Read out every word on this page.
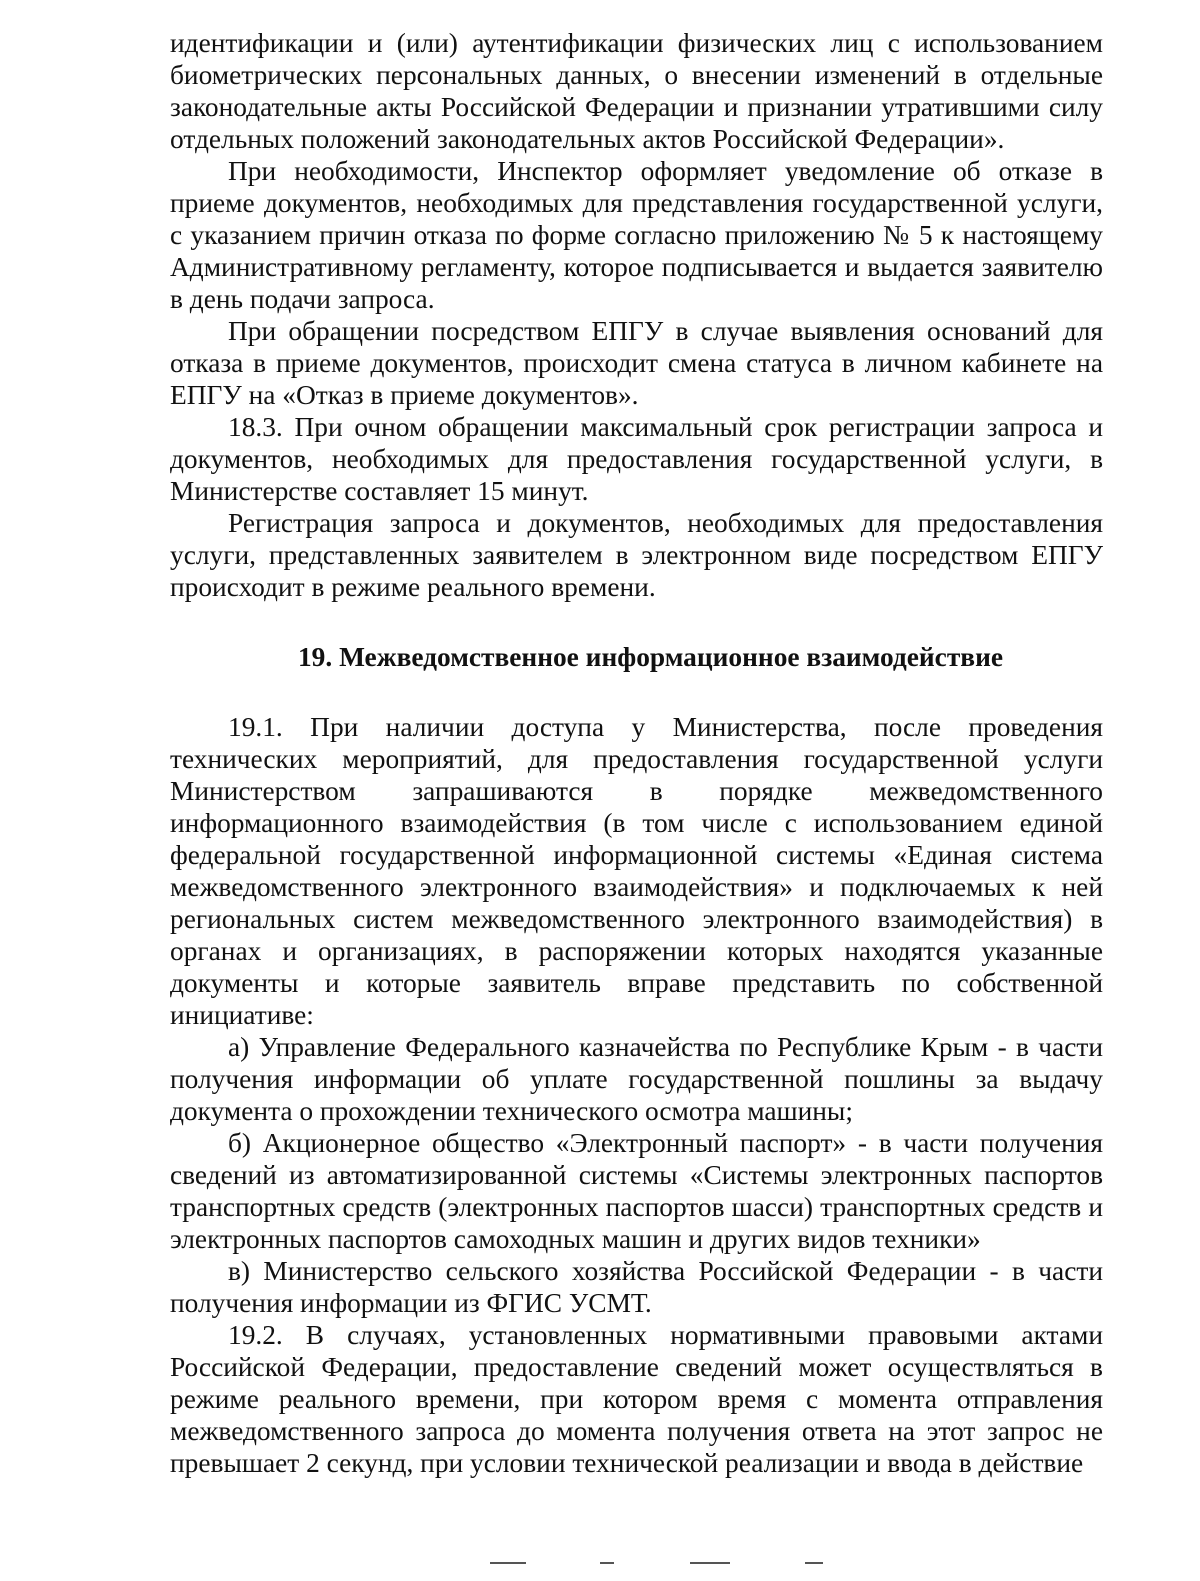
идентификации и (или) аутентификации физических лиц с использованием биометрических персональных данных, о внесении изменений в отдельные законодательные акты Российской Федерации и признании утратившими силу отдельных положений законодательных актов Российской Федерации».

При необходимости, Инспектор оформляет уведомление об отказе в приеме документов, необходимых для представления государственной услуги, с указанием причин отказа по форме согласно приложению № 5 к настоящему Административному регламенту, которое подписывается и выдается заявителю в день подачи запроса.

При обращении посредством ЕПГУ в случае выявления оснований для отказа в приеме документов, происходит смена статуса в личном кабинете на ЕПГУ на «Отказ в приеме документов».

18.3. При очном обращении максимальный срок регистрации запроса и документов, необходимых для предоставления государственной услуги, в Министерстве составляет 15 минут.

Регистрация запроса и документов, необходимых для предоставления услуги, представленных заявителем в электронном виде посредством ЕПГУ происходит в режиме реального времени.

19. Межведомственное информационное взаимодействие

19.1. При наличии доступа у Министерства, после проведения технических мероприятий, для предоставления государственной услуги Министерством запрашиваются в порядке межведомственного информационного взаимодействия (в том числе с использованием единой федеральной государственной информационной системы «Единая система межведомственного электронного взаимодействия» и подключаемых к ней региональных систем межведомственного электронного взаимодействия) в органах и организациях, в распоряжении которых находятся указанные документы и которые заявитель вправе представить по собственной инициативе:

а) Управление Федерального казначейства по Республике Крым - в части получения информации об уплате государственной пошлины за выдачу документа о прохождении технического осмотра машины;

б) Акционерное общество «Электронный паспорт» - в части получения сведений из автоматизированной системы «Системы электронных паспортов транспортных средств (электронных паспортов шасси) транспортных средств и электронных паспортов самоходных машин и других видов техники»

в) Министерство сельского хозяйства Российской Федерации - в части получения информации из ФГИС УСМТ.

19.2. В случаях, установленных нормативными правовыми актами Российской Федерации, предоставление сведений может осуществляться в режиме реального времени, при котором время с момента отправления межведомственного запроса до момента получения ответа на этот запрос не превышает 2 секунд, при условии технической реализации и ввода в действие
